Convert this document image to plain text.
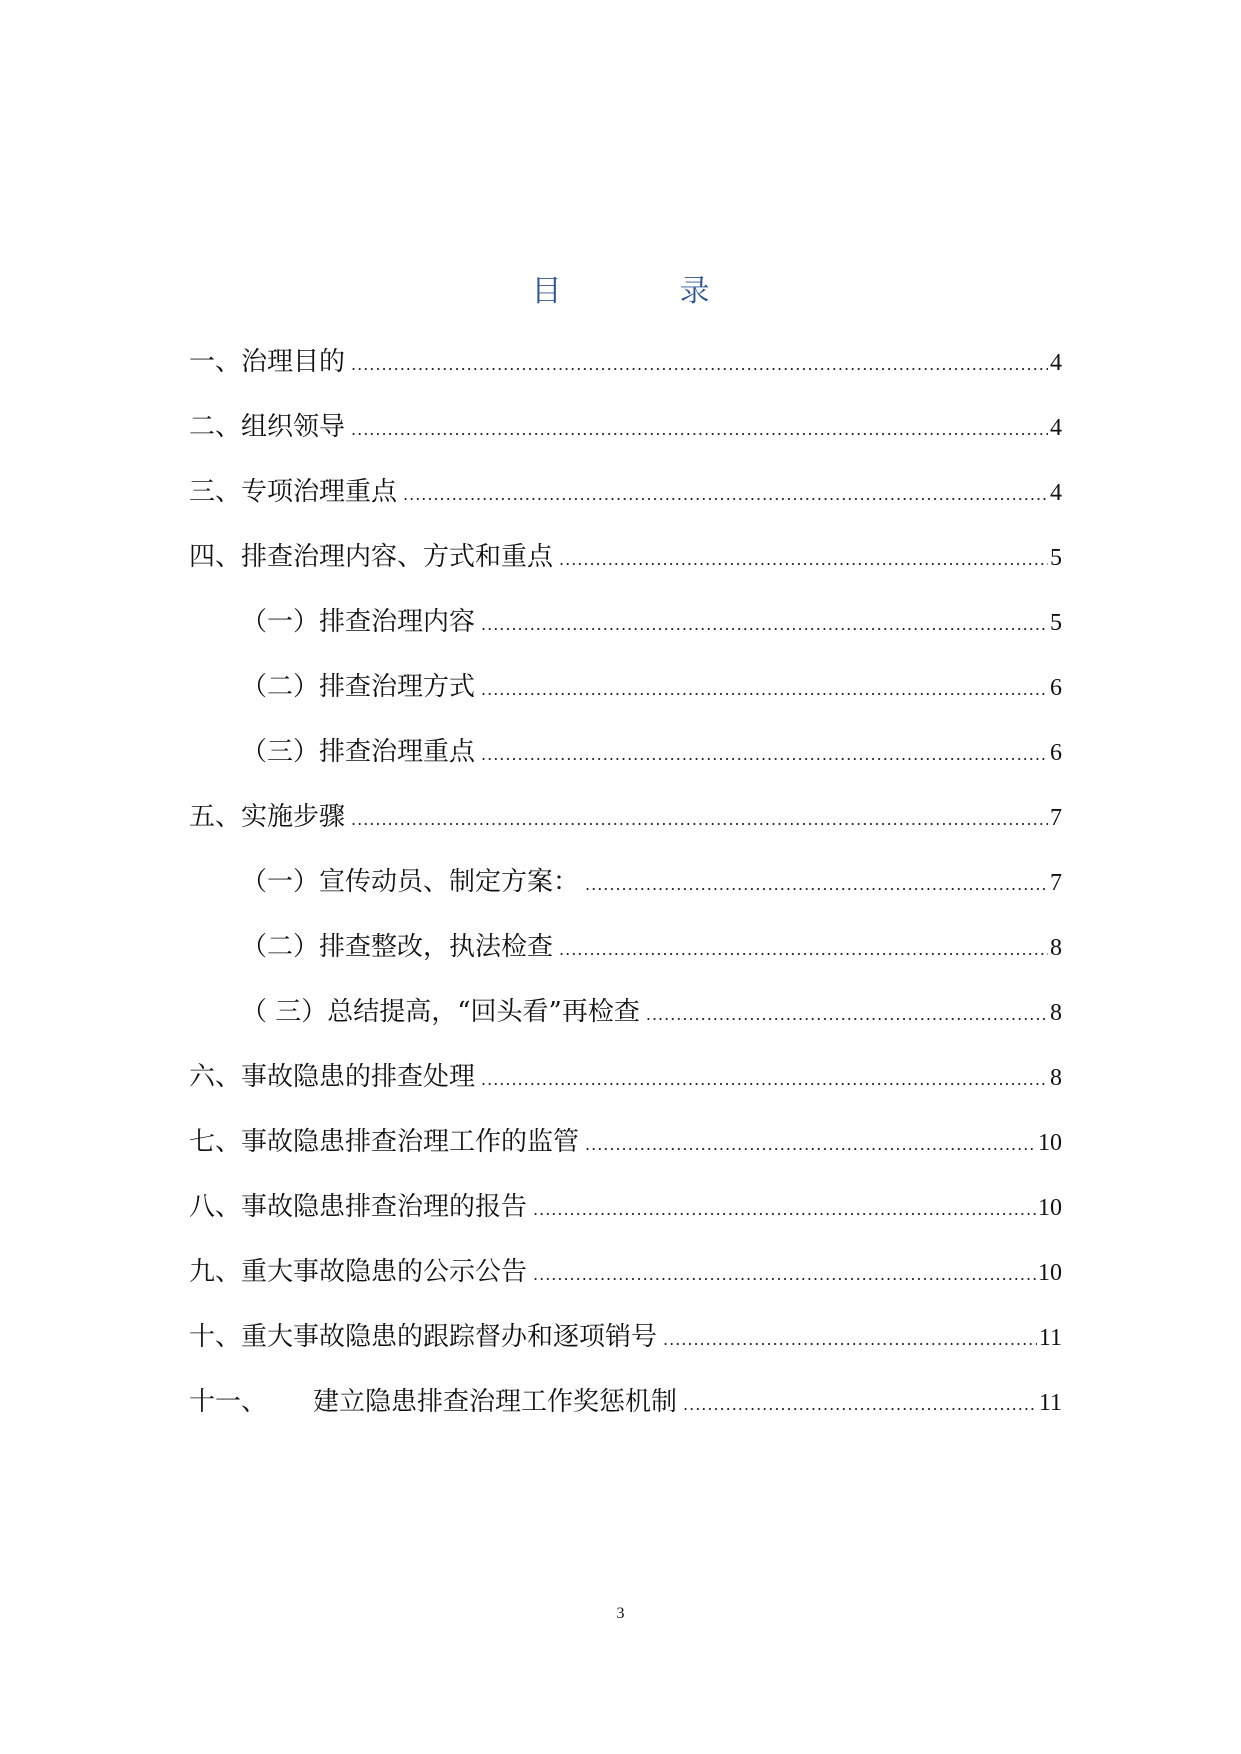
目　录
一、治理目的 .....	4
二、组织领导 .....	4
三、专项治理重点 .....	4
四、排查治理内容、方式和重点 .....	5
（一）排查治理内容 .....	5
（二）排查治理方式 .....	6
（三）排查治理重点 .....	6
五、实施步骤 .....	7
（一）宣传动员、制定方案： .....	7
（二）排查整改，执法检查 .....	8
（ 三）总结提高，“回头看”再检查 .....	8
六、事故隐患的排查处理 .....	8
七、事故隐患排查治理工作的监管 .....	10
八、事故隐患排查治理的报告 .....	10
九、重大事故隐患的公示公告 .....	10
十、重大事故隐患的跟踪督办和逐项销号 .....	11
十一、 建立隐患排查治理工作奖惩机制 .....	11
3
